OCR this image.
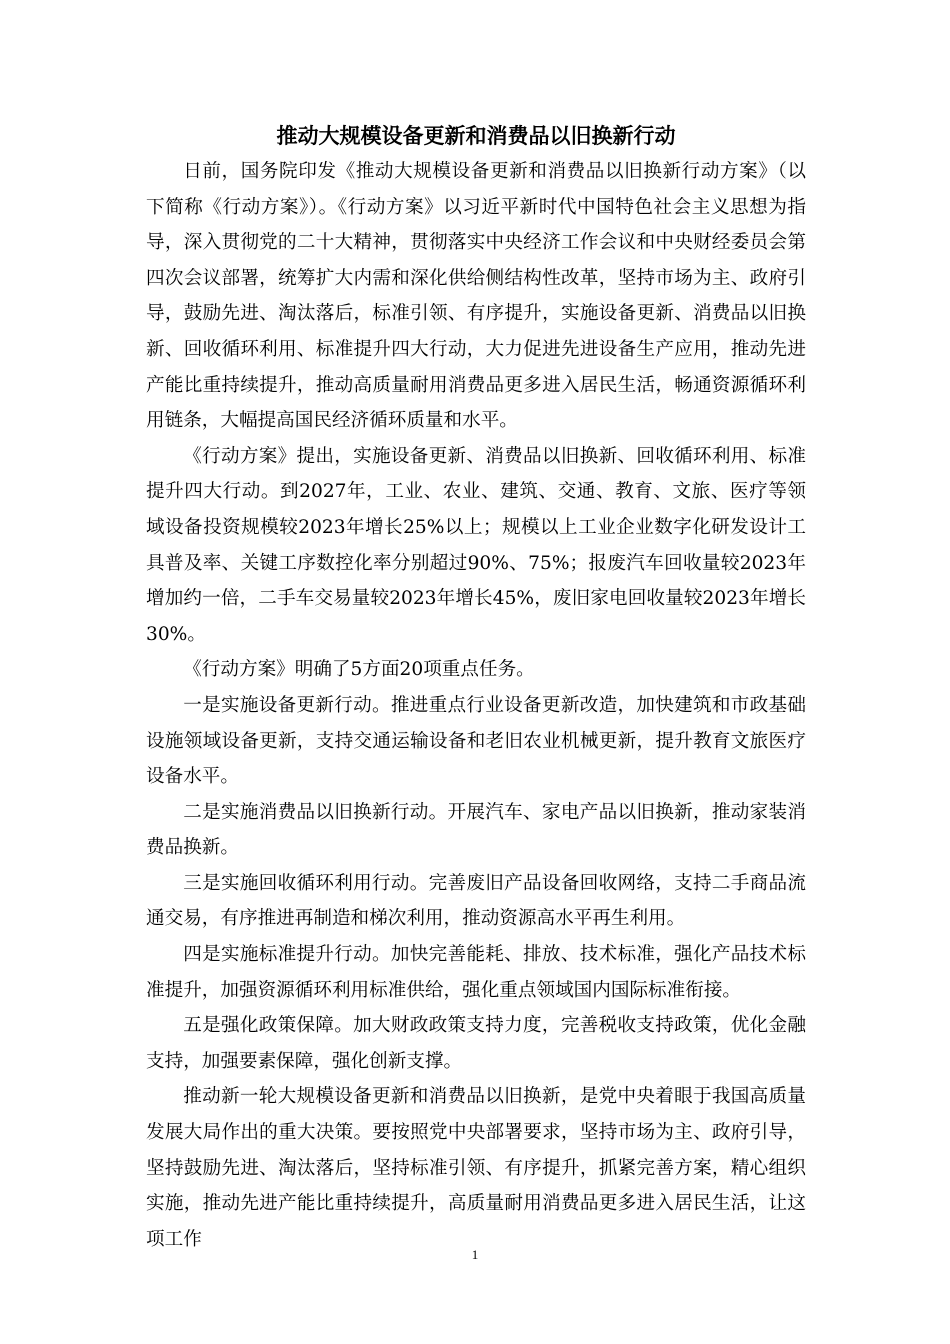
推动大规模设备更新和消费品以旧换新行动

日前，国务院印发《推动大规模设备更新和消费品以旧换新行动方案》（以下简称《行动方案》）。《行动方案》以习近平新时代中国特色社会主义思想为指导，深入贯彻党的二十大精神，贯彻落实中央经济工作会议和中央财经委员会第四次会议部署，统筹扩大内需和深化供给侧结构性改革，坚持市场为主、政府引导，鼓励先进、淘汰落后，标准引领、有序提升，实施设备更新、消费品以旧换新、回收循环利用、标准提升四大行动，大力促进先进设备生产应用，推动先进产能比重持续提升，推动高质量耐用消费品更多进入居民生活，畅通资源循环利用链条，大幅提高国民经济循环质量和水平。

《行动方案》提出，实施设备更新、消费品以旧换新、回收循环利用、标准提升四大行动。到2027年，工业、农业、建筑、交通、教育、文旅、医疗等领域设备投资规模较2023年增长25%以上；规模以上工业企业数字化研发设计工具普及率、关键工序数控化率分别超过90%、75%；报废汽车回收量较2023年增加约一倍，二手车交易量较2023年增长45%，废旧家电回收量较2023年增长30%。

《行动方案》明确了5方面20项重点任务。

一是实施设备更新行动。推进重点行业设备更新改造，加快建筑和市政基础设施领域设备更新，支持交通运输设备和老旧农业机械更新，提升教育文旅医疗设备水平。

二是实施消费品以旧换新行动。开展汽车、家电产品以旧换新，推动家装消费品换新。

三是实施回收循环利用行动。完善废旧产品设备回收网络，支持二手商品流通交易，有序推进再制造和梯次利用，推动资源高水平再生利用。

四是实施标准提升行动。加快完善能耗、排放、技术标准，强化产品技术标准提升，加强资源循环利用标准供给，强化重点领域国内国际标准衔接。

五是强化政策保障。加大财政政策支持力度，完善税收支持政策，优化金融支持，加强要素保障，强化创新支撑。

推动新一轮大规模设备更新和消费品以旧换新，是党中央着眼于我国高质量发展大局作出的重大决策。要按照党中央部署要求，坚持市场为主、政府引导，坚持鼓励先进、淘汰落后，坚持标准引领、有序提升，抓紧完善方案，精心组织实施，推动先进产能比重持续提升，高质量耐用消费品更多进入居民生活，让这项工作

1
